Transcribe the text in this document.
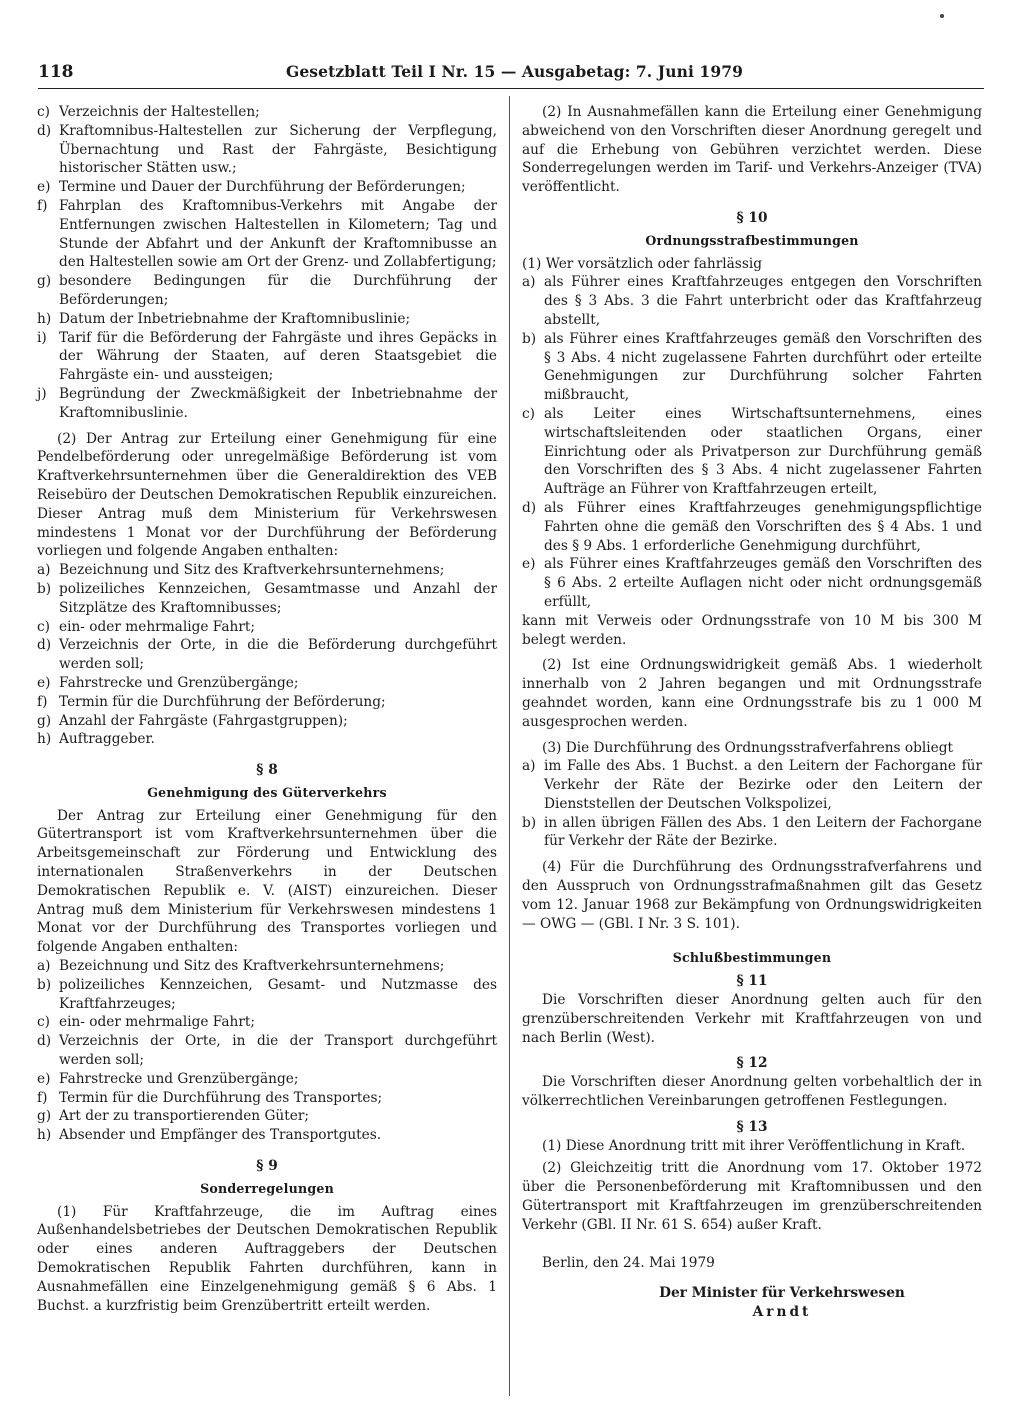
118	Gesetzblatt Teil I Nr. 15 — Ausgabetag: 7. Juni 1979
c) Verzeichnis der Haltestellen;
d) Kraftomnibus-Haltestellen zur Sicherung der Verpflegung, Übernachtung und Rast der Fahrgäste, Besichtigung historischer Stätten usw.;
e) Termine und Dauer der Durchführung der Beförderungen;
f) Fahrplan des Kraftomnibus-Verkehrs mit Angabe der Entfernungen zwischen Haltestellen in Kilometern; Tag und Stunde der Abfahrt und der Ankunft der Kraftomnibusse an den Haltestellen sowie am Ort der Grenz- und Zollabfertigung;
g) besondere Bedingungen für die Durchführung der Beförderungen;
h) Datum der Inbetriebnahme der Kraftomnibuslinie;
i) Tarif für die Beförderung der Fahrgäste und ihres Gepäcks in der Währung der Staaten, auf deren Staatsgebiet die Fahrgäste ein- und aussteigen;
j) Begründung der Zweckmäßigkeit der Inbetriebnahme der Kraftomnibuslinie.

(2) Der Antrag zur Erteilung einer Genehmigung für eine Pendelbeförderung oder unregelmäßige Beförderung ist vom Kraftverkehrsunternehmen über die Generaldirektion des VEB Reisebüro der Deutschen Demokratischen Republik einzureichen. Dieser Antrag muß dem Ministerium für Verkehrswesen mindestens 1 Monat vor der Durchführung der Beförderung vorliegen und folgende Angaben enthalten:

a) Bezeichnung und Sitz des Kraftverkehrsunternehmens;
b) polizeiliches Kennzeichen, Gesamtmasse und Anzahl der Sitzplätze des Kraftomnibusses;
c) ein- oder mehrmalige Fahrt;
d) Verzeichnis der Orte, in die die Beförderung durchgeführt werden soll;
e) Fahrstrecke und Grenzübergänge;
f) Termin für die Durchführung der Beförderung;
g) Anzahl der Fahrgäste (Fahrgastgruppen);
h) Auftraggeber.

§ 8

Genehmigung des Güterverkehrs

Der Antrag zur Erteilung einer Genehmigung für den Gütertransport ist vom Kraftverkehrsunternehmen über die Arbeitsgemeinschaft zur Förderung und Entwicklung des internationalen Straßenverkehrs in der Deutschen Demokratischen Republik e. V. (AIST) einzureichen. Dieser Antrag muß dem Ministerium für Verkehrswesen mindestens 1 Monat vor der Durchführung des Transportes vorliegen und folgende Angaben enthalten:

a) Bezeichnung und Sitz des Kraftverkehrsunternehmens;
b) polizeiliches Kennzeichen, Gesamt- und Nutzmasse des Kraftfahrzeuges;
c) ein- oder mehrmalige Fahrt;
d) Verzeichnis der Orte, in die der Transport durchgeführt werden soll;
e) Fahrstrecke und Grenzübergänge;
f) Termin für die Durchführung des Transportes;
g) Art der zu transportierenden Güter;
h) Absender und Empfänger des Transportgutes.

§ 9

Sonderregelungen

(1) Für Kraftfahrzeuge, die im Auftrag eines Außenhandelsbetriebes der Deutschen Demokratischen Republik oder eines anderen Auftraggebers der Deutschen Demokratischen Republik Fahrten durchführen, kann in Ausnahmefällen eine Einzelgenehmigung gemäß § 6 Abs. 1 Buchst. a kurzfristig beim Grenzübertritt erteilt werden.

(2) In Ausnahmefällen kann die Erteilung einer Genehmigung abweichend von den Vorschriften dieser Anordnung geregelt und auf die Erhebung von Gebühren verzichtet werden. Diese Sonderregelungen werden im Tarif- und Verkehrs-Anzeiger (TVA) veröffentlicht.

§ 10

Ordnungsstrafbestimmungen

(1) Wer vorsätzlich oder fahrlässig

a) als Führer eines Kraftfahrzeuges entgegen den Vorschriften des § 3 Abs. 3 die Fahrt unterbricht oder das Kraftfahrzeug abstellt,
b) als Führer eines Kraftfahrzeuges gemäß den Vorschriften des § 3 Abs. 4 nicht zugelassene Fahrten durchführt oder erteilte Genehmigungen zur Durchführung solcher Fahrten mißbraucht,
c) als Leiter eines Wirtschaftsunternehmens, eines wirtschaftsleitenden oder staatlichen Organs, einer Einrichtung oder als Privatperson zur Durchführung gemäß den Vorschriften des § 3 Abs. 4 nicht zugelassener Fahrten Aufträge an Führer von Kraftfahrzeugen erteilt,
d) als Führer eines Kraftfahrzeuges genehmigungspflichtige Fahrten ohne die gemäß den Vorschriften des § 4 Abs. 1 und des § 9 Abs. 1 erforderliche Genehmigung durchführt,
e) als Führer eines Kraftfahrzeuges gemäß den Vorschriften des § 6 Abs. 2 erteilte Auflagen nicht oder nicht ordnungsgemäß erfüllt,

kann mit Verweis oder Ordnungsstrafe von 10 M bis 300 M belegt werden.

(2) Ist eine Ordnungswidrigkeit gemäß Abs. 1 wiederholt innerhalb von 2 Jahren begangen und mit Ordnungsstrafe geahndet worden, kann eine Ordnungsstrafe bis zu 1 000 M ausgesprochen werden.

(3) Die Durchführung des Ordnungsstrafverfahrens obliegt

a) im Falle des Abs. 1 Buchst. a den Leitern der Fachorgane für Verkehr der Räte der Bezirke oder den Leitern der Dienststellen der Deutschen Volkspolizei,
b) in allen übrigen Fällen des Abs. 1 den Leitern der Fachorgane für Verkehr der Räte der Bezirke.

(4) Für die Durchführung des Ordnungsstrafverfahrens und den Ausspruch von Ordnungsstrafmaßnahmen gilt das Gesetz vom 12. Januar 1968 zur Bekämpfung von Ordnungswidrigkeiten — OWG — (GBl. I Nr. 3 S. 101).

Schlußbestimmungen

§ 11

Die Vorschriften dieser Anordnung gelten auch für den grenzüberschreitenden Verkehr mit Kraftfahrzeugen von und nach Berlin (West).

§ 12

Die Vorschriften dieser Anordnung gelten vorbehaltlich der in völkerrechtlichen Vereinbarungen getroffenen Festlegungen.

§ 13

(1) Diese Anordnung tritt mit ihrer Veröffentlichung in Kraft.

(2) Gleichzeitig tritt die Anordnung vom 17. Oktober 1972 über die Personenbeförderung mit Kraftomnibussen und den Gütertransport mit Kraftfahrzeugen im grenzüberschreitenden Verkehr (GBl. II Nr. 61 S. 654) außer Kraft.

Berlin, den 24. Mai 1979

Der Minister für Verkehrswesen

Arndt
